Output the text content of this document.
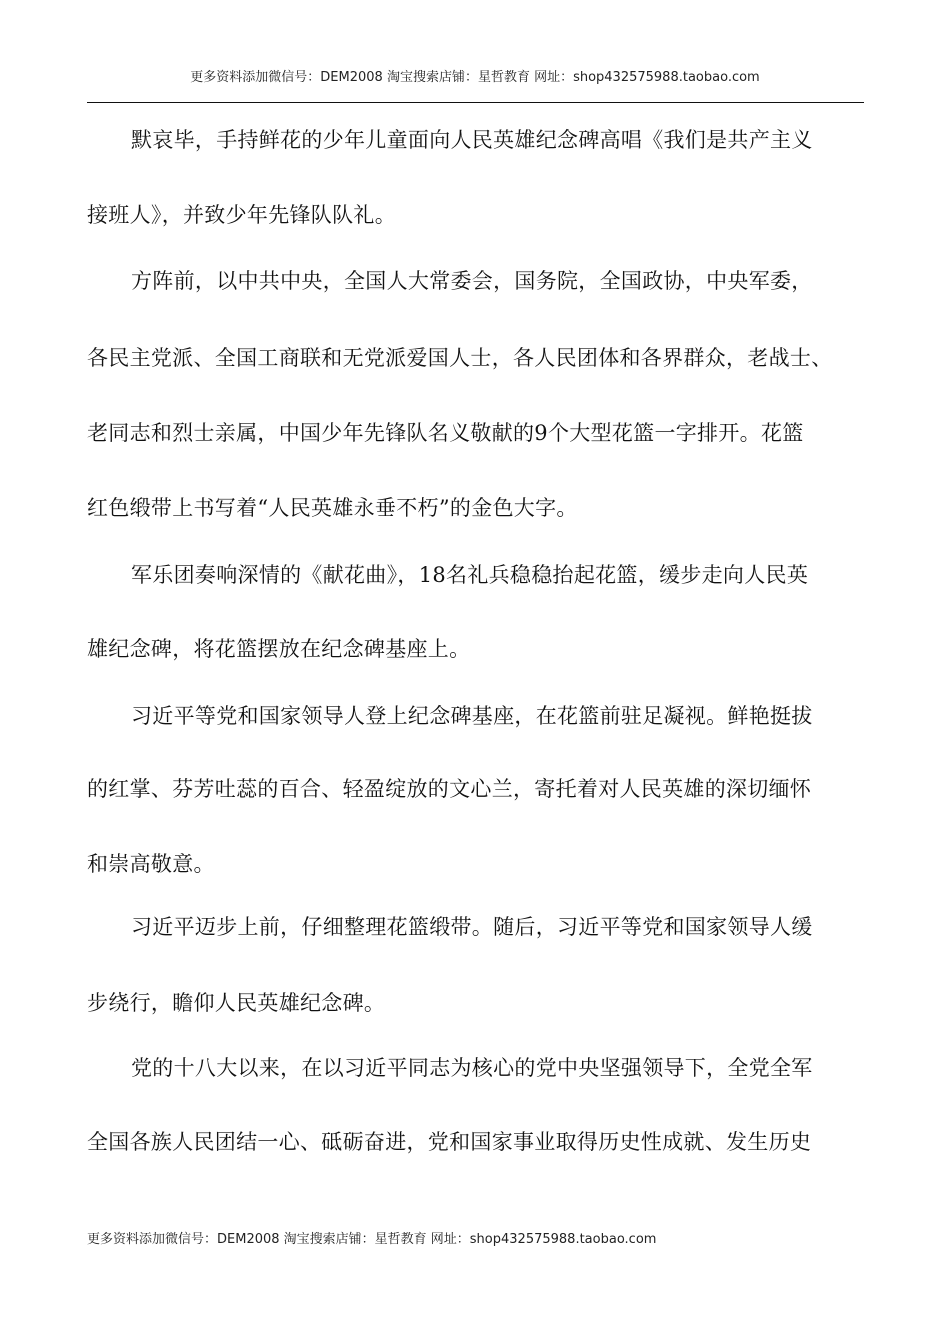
更多资料添加微信号：DEM2008 淘宝搜索店铺：星哲教育 网址：shop432575988.taobao.com
默哀毕，手持鲜花的少年儿童面向人民英雄纪念碑高唱《我们是共产主义
接班人》，并致少年先锋队队礼。
方阵前，以中共中央，全国人大常委会，国务院，全国政协，中央军委，
各民主党派、全国工商联和无党派爱国人士，各人民团体和各界群众，老战士、
老同志和烈士亲属，中国少年先锋队名义敬献的9个大型花篮一字排开。花篮
红色缎带上书写着“人民英雄永垂不朽”的金色大字。
军乐团奏响深情的《献花曲》，18名礼兵稳稳抬起花篮，缓步走向人民英
雄纪念碑，将花篮摆放在纪念碑基座上。
习近平等党和国家领导人登上纪念碑基座，在花篮前驻足凝视。鲜艳挺拔
的红掌、芬芳吐蕊的百合、轻盈绽放的文心兰，寄托着对人民英雄的深切缅怀
和崇高敬意。
习近平迈步上前，仔细整理花篮缎带。随后，习近平等党和国家领导人缓
步绕行，瞻仰人民英雄纪念碑。
党的十八大以来，在以习近平同志为核心的党中央坚强领导下，全党全军
全国各族人民团结一心、砥砺奋进，党和国家事业取得历史性成就、发生历史
更多资料添加微信号：DEM2008 淘宝搜索店铺：星哲教育 网址：shop432575988.taobao.com
